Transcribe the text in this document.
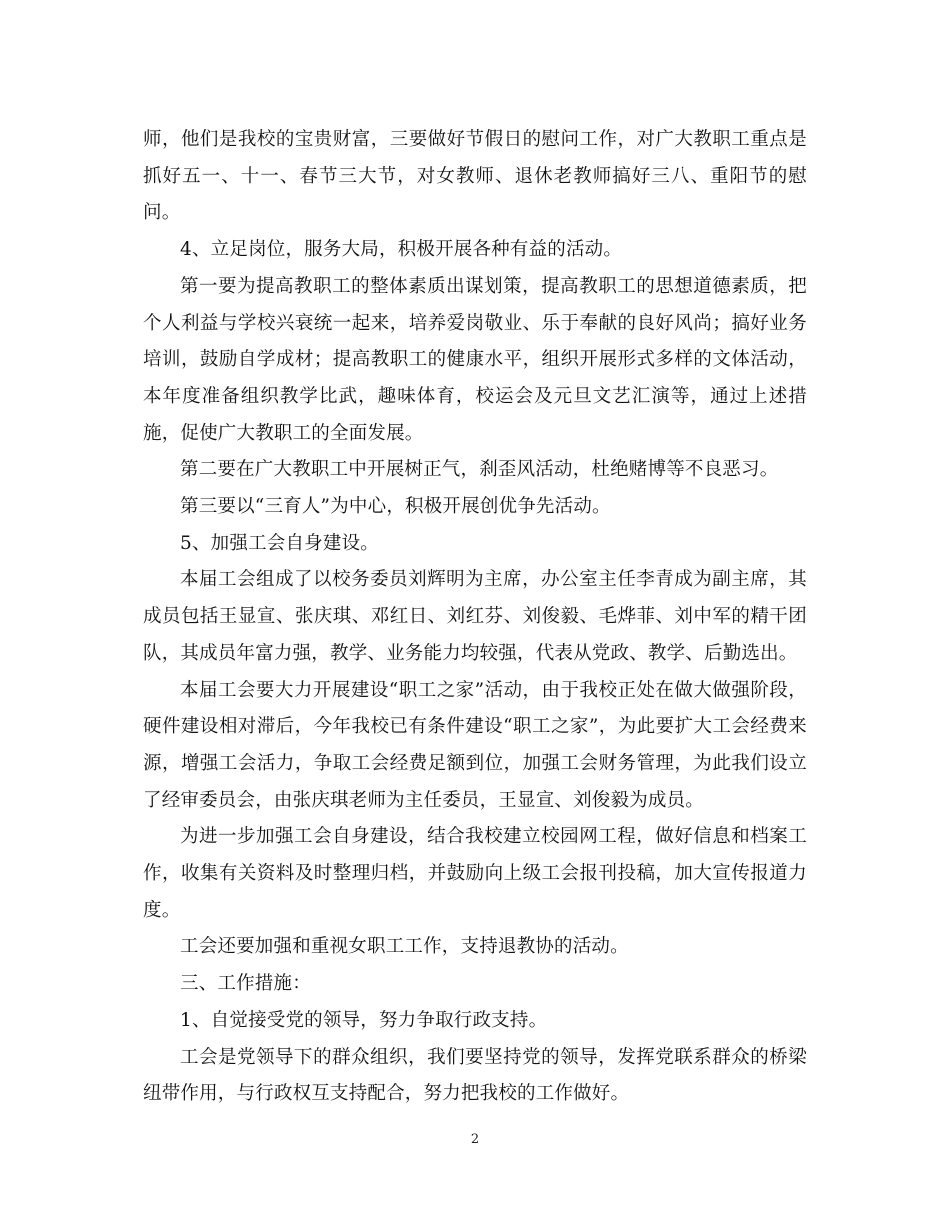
师，他们是我校的宝贵财富，三要做好节假日的慰问工作，对广大教职工重点是抓好五一、十一、春节三大节，对女教师、退休老教师搞好三八、重阳节的慰问。

4、立足岗位，服务大局，积极开展各种有益的活动。

第一要为提高教职工的整体素质出谋划策，提高教职工的思想道德素质，把个人利益与学校兴衰统一起来，培养爱岗敬业、乐于奉献的良好风尚；搞好业务培训，鼓励自学成材；提高教职工的健康水平，组织开展形式多样的文体活动，本年度准备组织教学比武，趣味体育，校运会及元旦文艺汇演等，通过上述措施，促使广大教职工的全面发展。

第二要在广大教职工中开展树正气，刹歪风活动，杜绝赌博等不良恶习。

第三要以“三育人”为中心，积极开展创优争先活动。

5、加强工会自身建设。

本届工会组成了以校务委员刘辉明为主席，办公室主任李青成为副主席，其成员包括王显宣、张庆琪、邓红日、刘红芬、刘俊毅、毛烨菲、刘中军的精干团队，其成员年富力强，教学、业务能力均较强，代表从党政、教学、后勤选出。

本届工会要大力开展建设“职工之家”活动，由于我校正处在做大做强阶段，硬件建设相对滞后，今年我校已有条件建设“职工之家”，为此要扩大工会经费来源，增强工会活力，争取工会经费足额到位，加强工会财务管理，为此我们设立了经审委员会，由张庆琪老师为主任委员，王显宣、刘俊毅为成员。

为进一步加强工会自身建设，结合我校建立校园网工程，做好信息和档案工作，收集有关资料及时整理归档，并鼓励向上级工会报刊投稿，加大宣传报道力度。

工会还要加强和重视女职工工作，支持退教协的活动。

三、工作措施：

1、自觉接受党的领导，努力争取行政支持。

工会是党领导下的群众组织，我们要坚持党的领导，发挥党联系群众的桥梁纽带作用，与行政权互支持配合，努力把我校的工作做好。

2
